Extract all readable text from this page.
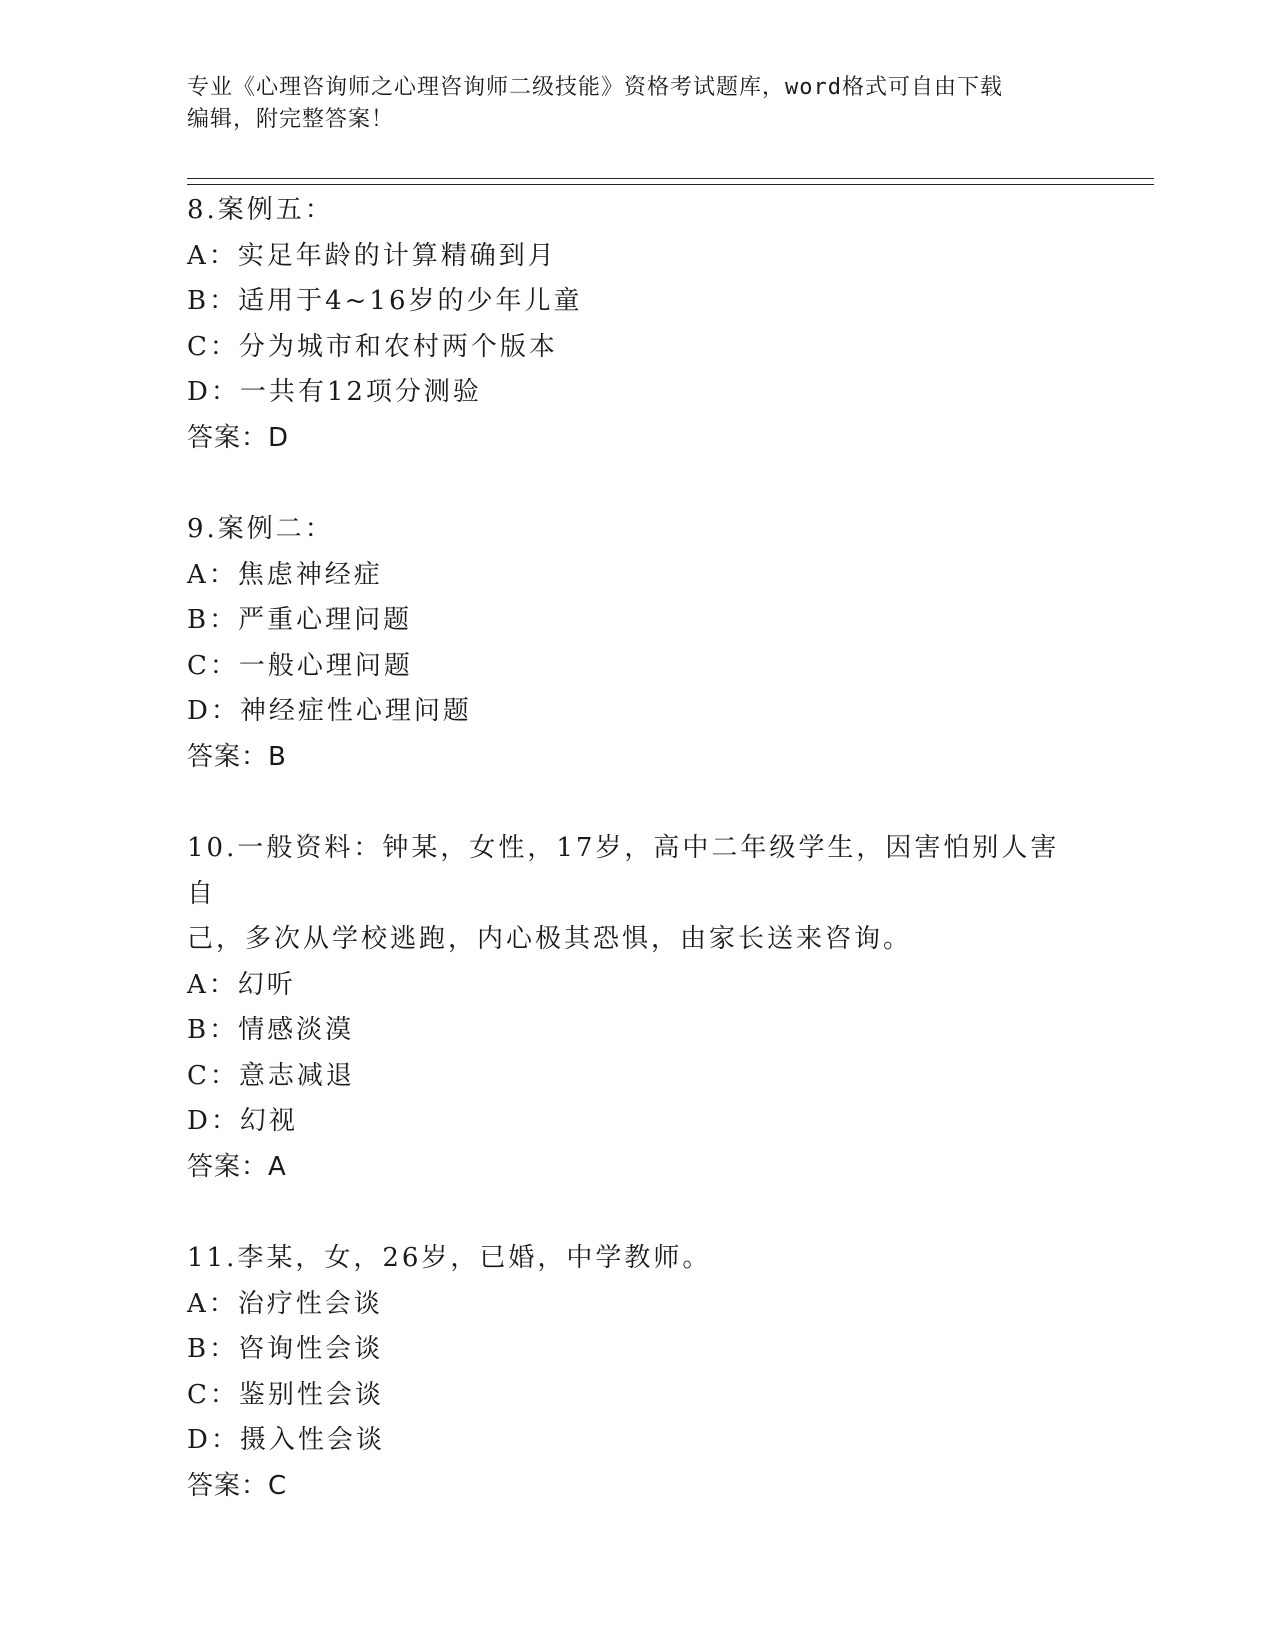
专业《心理咨询师之心理咨询师二级技能》资格考试题库，word格式可自由下载
编辑，附完整答案！
8.案例五：
A：实足年龄的计算精确到月
B：适用于4~16岁的少年儿童
C：分为城市和农村两个版本
D：一共有12项分测验
答案：D
9.案例二：
A：焦虑神经症
B：严重心理问题
C：一般心理问题
D：神经症性心理问题
答案：B
10.一般资料：钟某，女性，17岁，高中二年级学生，因害怕别人害自
己，多次从学校逃跑，内心极其恐惧，由家长送来咨询。
A：幻听
B：情感淡漠
C：意志减退
D：幻视
答案：A
11.李某，女，26岁，已婚，中学教师。
A：治疗性会谈
B：咨询性会谈
C：鉴别性会谈
D：摄入性会谈
答案：C
